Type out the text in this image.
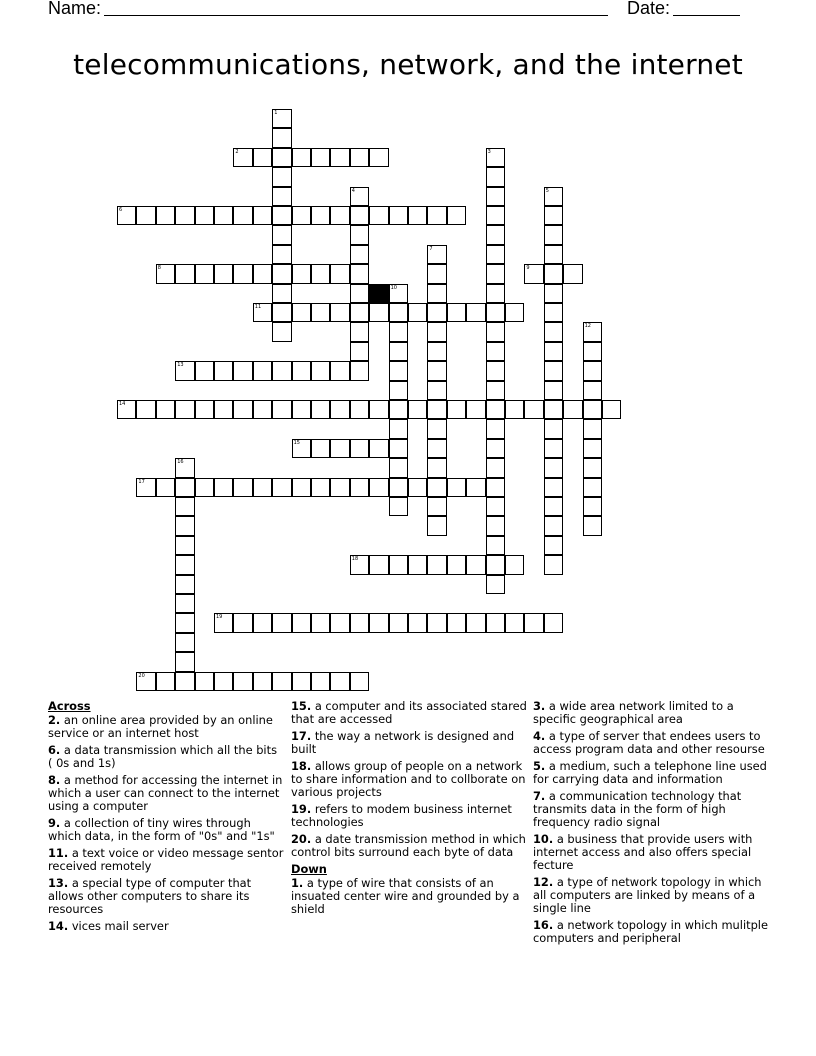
Name:	Date:
telecommunications, network, and the internet
1
2	3
4	5
6
7
8	9
10
11
12
13
14
15
16
17
18
19
20
Across
2. an online area provided by an online service or an internet host
6. a data transmission which all the bits ( 0s and 1s)
8. a method for accessing the internet in which a user can connect to the internet using a computer
9. a collection of tiny wires through which data, in the form of "0s" and "1s"
11. a text voice or video message sentor received remotely
13. a special type of computer that allows other computers to share its resources
14. vices mail server
15. a computer and its associated stared that are accessed
17. the way a network is designed and built
18. allows group of people on a network to share information and to collborate on various projects
19. refers to modem business internet technologies
20. a date transmission method in which control bits surround each byte of data
Down
1. a type of wire that consists of an insuated center wire and grounded by a shield
3. a wide area network limited to a specific geographical area
4. a type of server that endees users to access program data and other resourse
5. a medium, such a telephone line used for carrying data and information
7. a communication technology that transmits data in the form of high frequency radio signal
10. a business that provide users with internet access and also offers special fecture
12. a type of network topology in which all computers are linked by means of a single line
16. a network topology in which mulitple computers and peripheral
